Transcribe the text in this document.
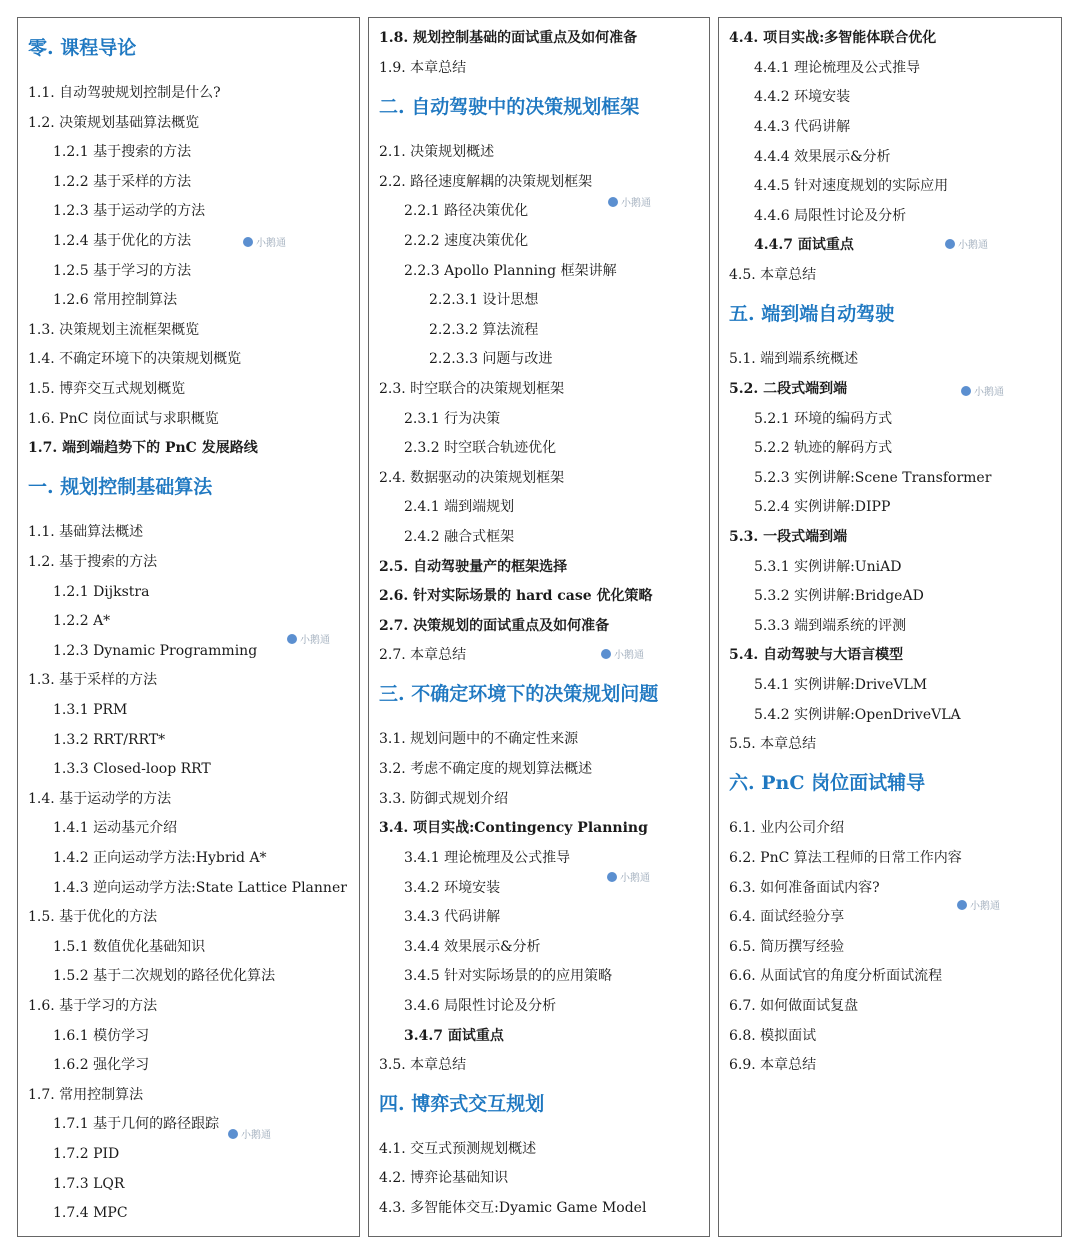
零. 课程导论
1.1. 自动驾驶规划控制是什么?
1.2. 决策规划基础算法概览
1.2.1 基于搜索的方法
1.2.2 基于采样的方法
1.2.3 基于运动学的方法
1.2.4 基于优化的方法
1.2.5 基于学习的方法
1.2.6 常用控制算法
1.3. 决策规划主流框架概览
1.4. 不确定环境下的决策规划概览
1.5. 博弈交互式规划概览
1.6. PnC 岗位面试与求职概览
1.7. 端到端趋势下的 PnC 发展路线
一. 规划控制基础算法
1.1. 基础算法概述
1.2. 基于搜索的方法
1.2.1 Dijkstra
1.2.2 A*
1.2.3 Dynamic Programming
1.3. 基于采样的方法
1.3.1 PRM
1.3.2 RRT/RRT*
1.3.3 Closed-loop RRT
1.4. 基于运动学的方法
1.4.1 运动基元介绍
1.4.2 正向运动学方法:Hybrid A*
1.4.3 逆向运动学方法:State Lattice Planner
1.5. 基于优化的方法
1.5.1 数值优化基础知识
1.5.2 基于二次规划的路径优化算法
1.6. 基于学习的方法
1.6.1 模仿学习
1.6.2 强化学习
1.7. 常用控制算法
1.7.1 基于几何的路径跟踪
1.7.2 PID
1.7.3 LQR
1.7.4 MPC
1.8. 规划控制基础的面试重点及如何准备
1.9. 本章总结
二. 自动驾驶中的决策规划框架
2.1. 决策规划概述
2.2. 路径速度解耦的决策规划框架
2.2.1 路径决策优化
2.2.2 速度决策优化
2.2.3 Apollo Planning 框架讲解
2.2.3.1 设计思想
2.2.3.2 算法流程
2.2.3.3 问题与改进
2.3. 时空联合的决策规划框架
2.3.1 行为决策
2.3.2 时空联合轨迹优化
2.4. 数据驱动的决策规划框架
2.4.1 端到端规划
2.4.2 融合式框架
2.5. 自动驾驶量产的框架选择
2.6. 针对实际场景的 hard case 优化策略
2.7. 决策规划的面试重点及如何准备
2.7. 本章总结
三. 不确定环境下的决策规划问题
3.1. 规划问题中的不确定性来源
3.2. 考虑不确定度的规划算法概述
3.3. 防御式规划介绍
3.4. 项目实战:Contingency Planning
3.4.1 理论梳理及公式推导
3.4.2 环境安装
3.4.3 代码讲解
3.4.4 效果展示&分析
3.4.5 针对实际场景的的应用策略
3.4.6 局限性讨论及分析
3.4.7 面试重点
3.5. 本章总结
四. 博弈式交互规划
4.1. 交互式预测规划概述
4.2. 博弈论基础知识
4.3. 多智能体交互:Dyamic Game Model
4.4. 项目实战:多智能体联合优化
4.4.1 理论梳理及公式推导
4.4.2 环境安装
4.4.3 代码讲解
4.4.4 效果展示&分析
4.4.5 针对速度规划的实际应用
4.4.6 局限性讨论及分析
4.4.7 面试重点
4.5. 本章总结
五. 端到端自动驾驶
5.1. 端到端系统概述
5.2. 二段式端到端
5.2.1 环境的编码方式
5.2.2 轨迹的解码方式
5.2.3 实例讲解:Scene Transformer
5.2.4 实例讲解:DIPP
5.3. 一段式端到端
5.3.1 实例讲解:UniAD
5.3.2 实例讲解:BridgeAD
5.3.3 端到端系统的评测
5.4. 自动驾驶与大语言模型
5.4.1 实例讲解:DriveVLM
5.4.2 实例讲解:OpenDriveVLA
5.5. 本章总结
六. PnC 岗位面试辅导
6.1. 业内公司介绍
6.2. PnC 算法工程师的日常工作内容
6.3. 如何准备面试内容?
6.4. 面试经验分享
6.5. 简历撰写经验
6.6. 从面试官的角度分析面试流程
6.7. 如何做面试复盘
6.8. 模拟面试
6.9. 本章总结
小鹅通
小鹅通
小鹅通
小鹅通
小鹅通
小鹅通
小鹅通
小鹅通
小鹅通
